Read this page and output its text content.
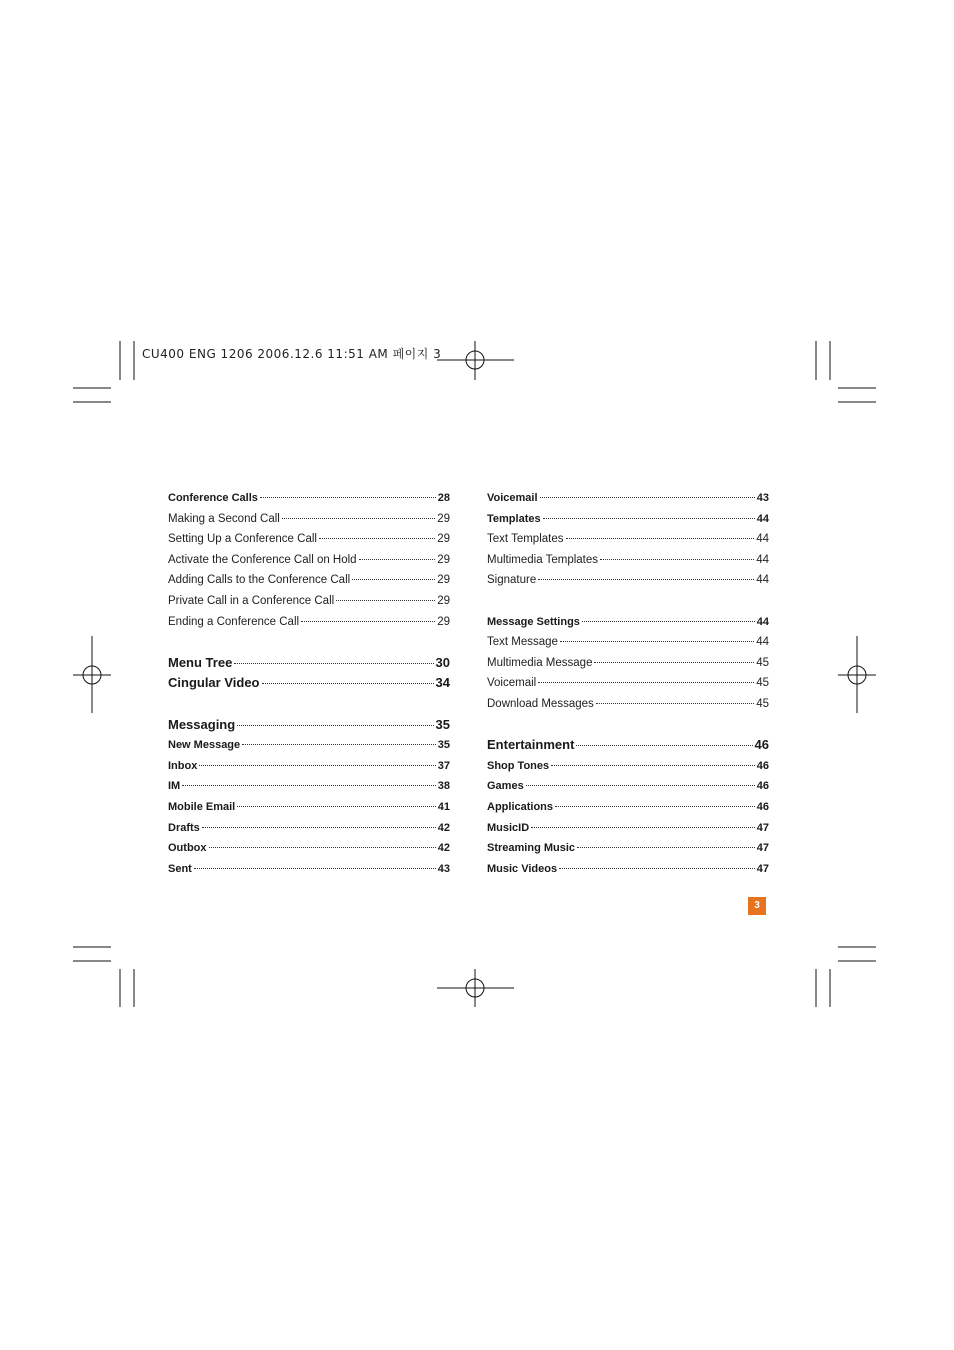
CU400 ENG 1206 2006.12.6 11:51 AM 페이지 3
Conference Calls	28
Making a Second Call	29
Setting Up a Conference Call	29
Activate the Conference Call on Hold	29
Adding Calls to the Conference Call	29
Private Call in a Conference Call	29
Ending a Conference Call	29
Menu Tree	30
Cingular Video	34
Messaging	35
New Message	35
Inbox	37
IM	38
Mobile Email	41
Drafts	42
Outbox	42
Sent	43
Voicemail	43
Templates	44
Text Templates	44
Multimedia Templates	44
Signature	44
Message Settings	44
Text Message	44
Multimedia Message	45
Voicemail	45
Download Messages	45
Entertainment	46
Shop Tones	46
Games	46
Applications	46
MusicID	47
Streaming Music	47
Music Videos	47
3
